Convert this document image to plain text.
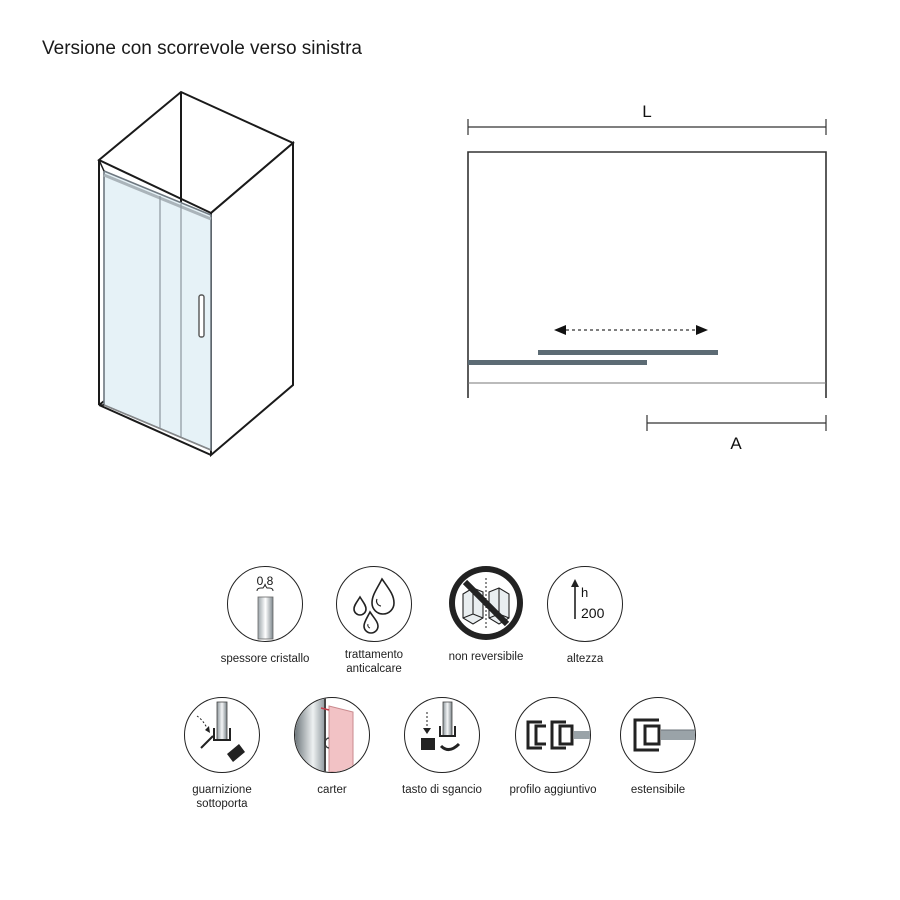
Versione con scorrevole verso sinistra
L
A
0,8
spessore cristallo	trattamento anticalcare
non reversibile
h
200
altezza
guarnizione sottoporta
carter	tasto di sgancio	profilo aggiuntivo	estensibile
